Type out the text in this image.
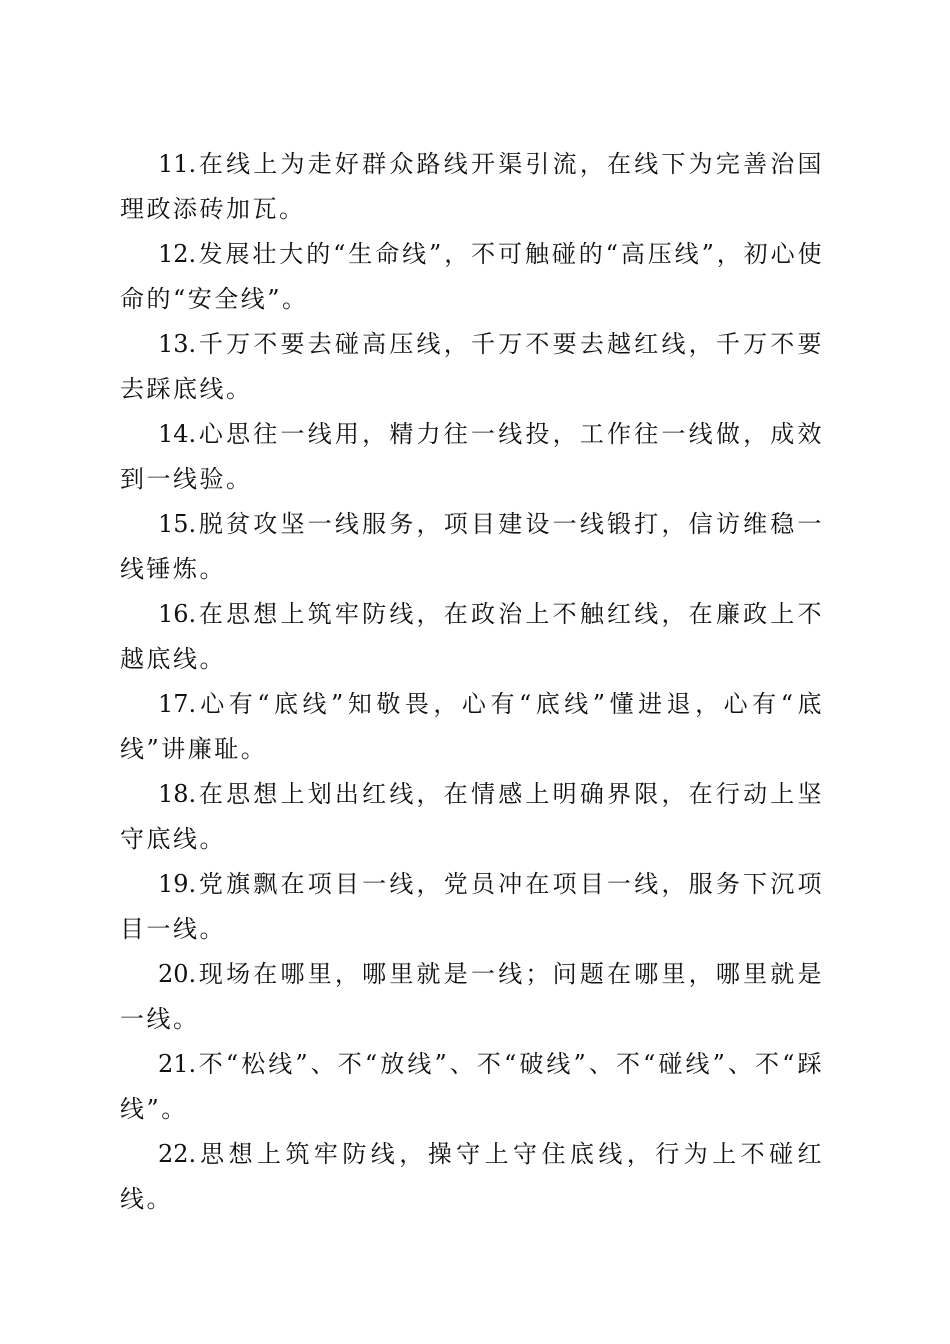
11.在线上为走好群众路线开渠引流，在线下为完善治国理政添砖加瓦。

12.发展壮大的“生命线”，不可触碰的“高压线”，初心使命的“安全线”。

13.千万不要去碰高压线，千万不要去越红线，千万不要去踩底线。

14.心思往一线用，精力往一线投，工作往一线做，成效到一线验。

15.脱贫攻坚一线服务，项目建设一线锻打，信访维稳一线锤炼。

16.在思想上筑牢防线，在政治上不触红线，在廉政上不越底线。

17.心有“底线”知敬畏，心有“底线”懂进退，心有“底线”讲廉耻。

18.在思想上划出红线，在情感上明确界限，在行动上坚守底线。

19.党旗飘在项目一线，党员冲在项目一线，服务下沉项目一线。

20.现场在哪里，哪里就是一线；问题在哪里，哪里就是一线。

21.不“松线”、不“放线”、不“破线”、不“碰线”、不“踩线”。

22.思想上筑牢防线，操守上守住底线，行为上不碰红线。
